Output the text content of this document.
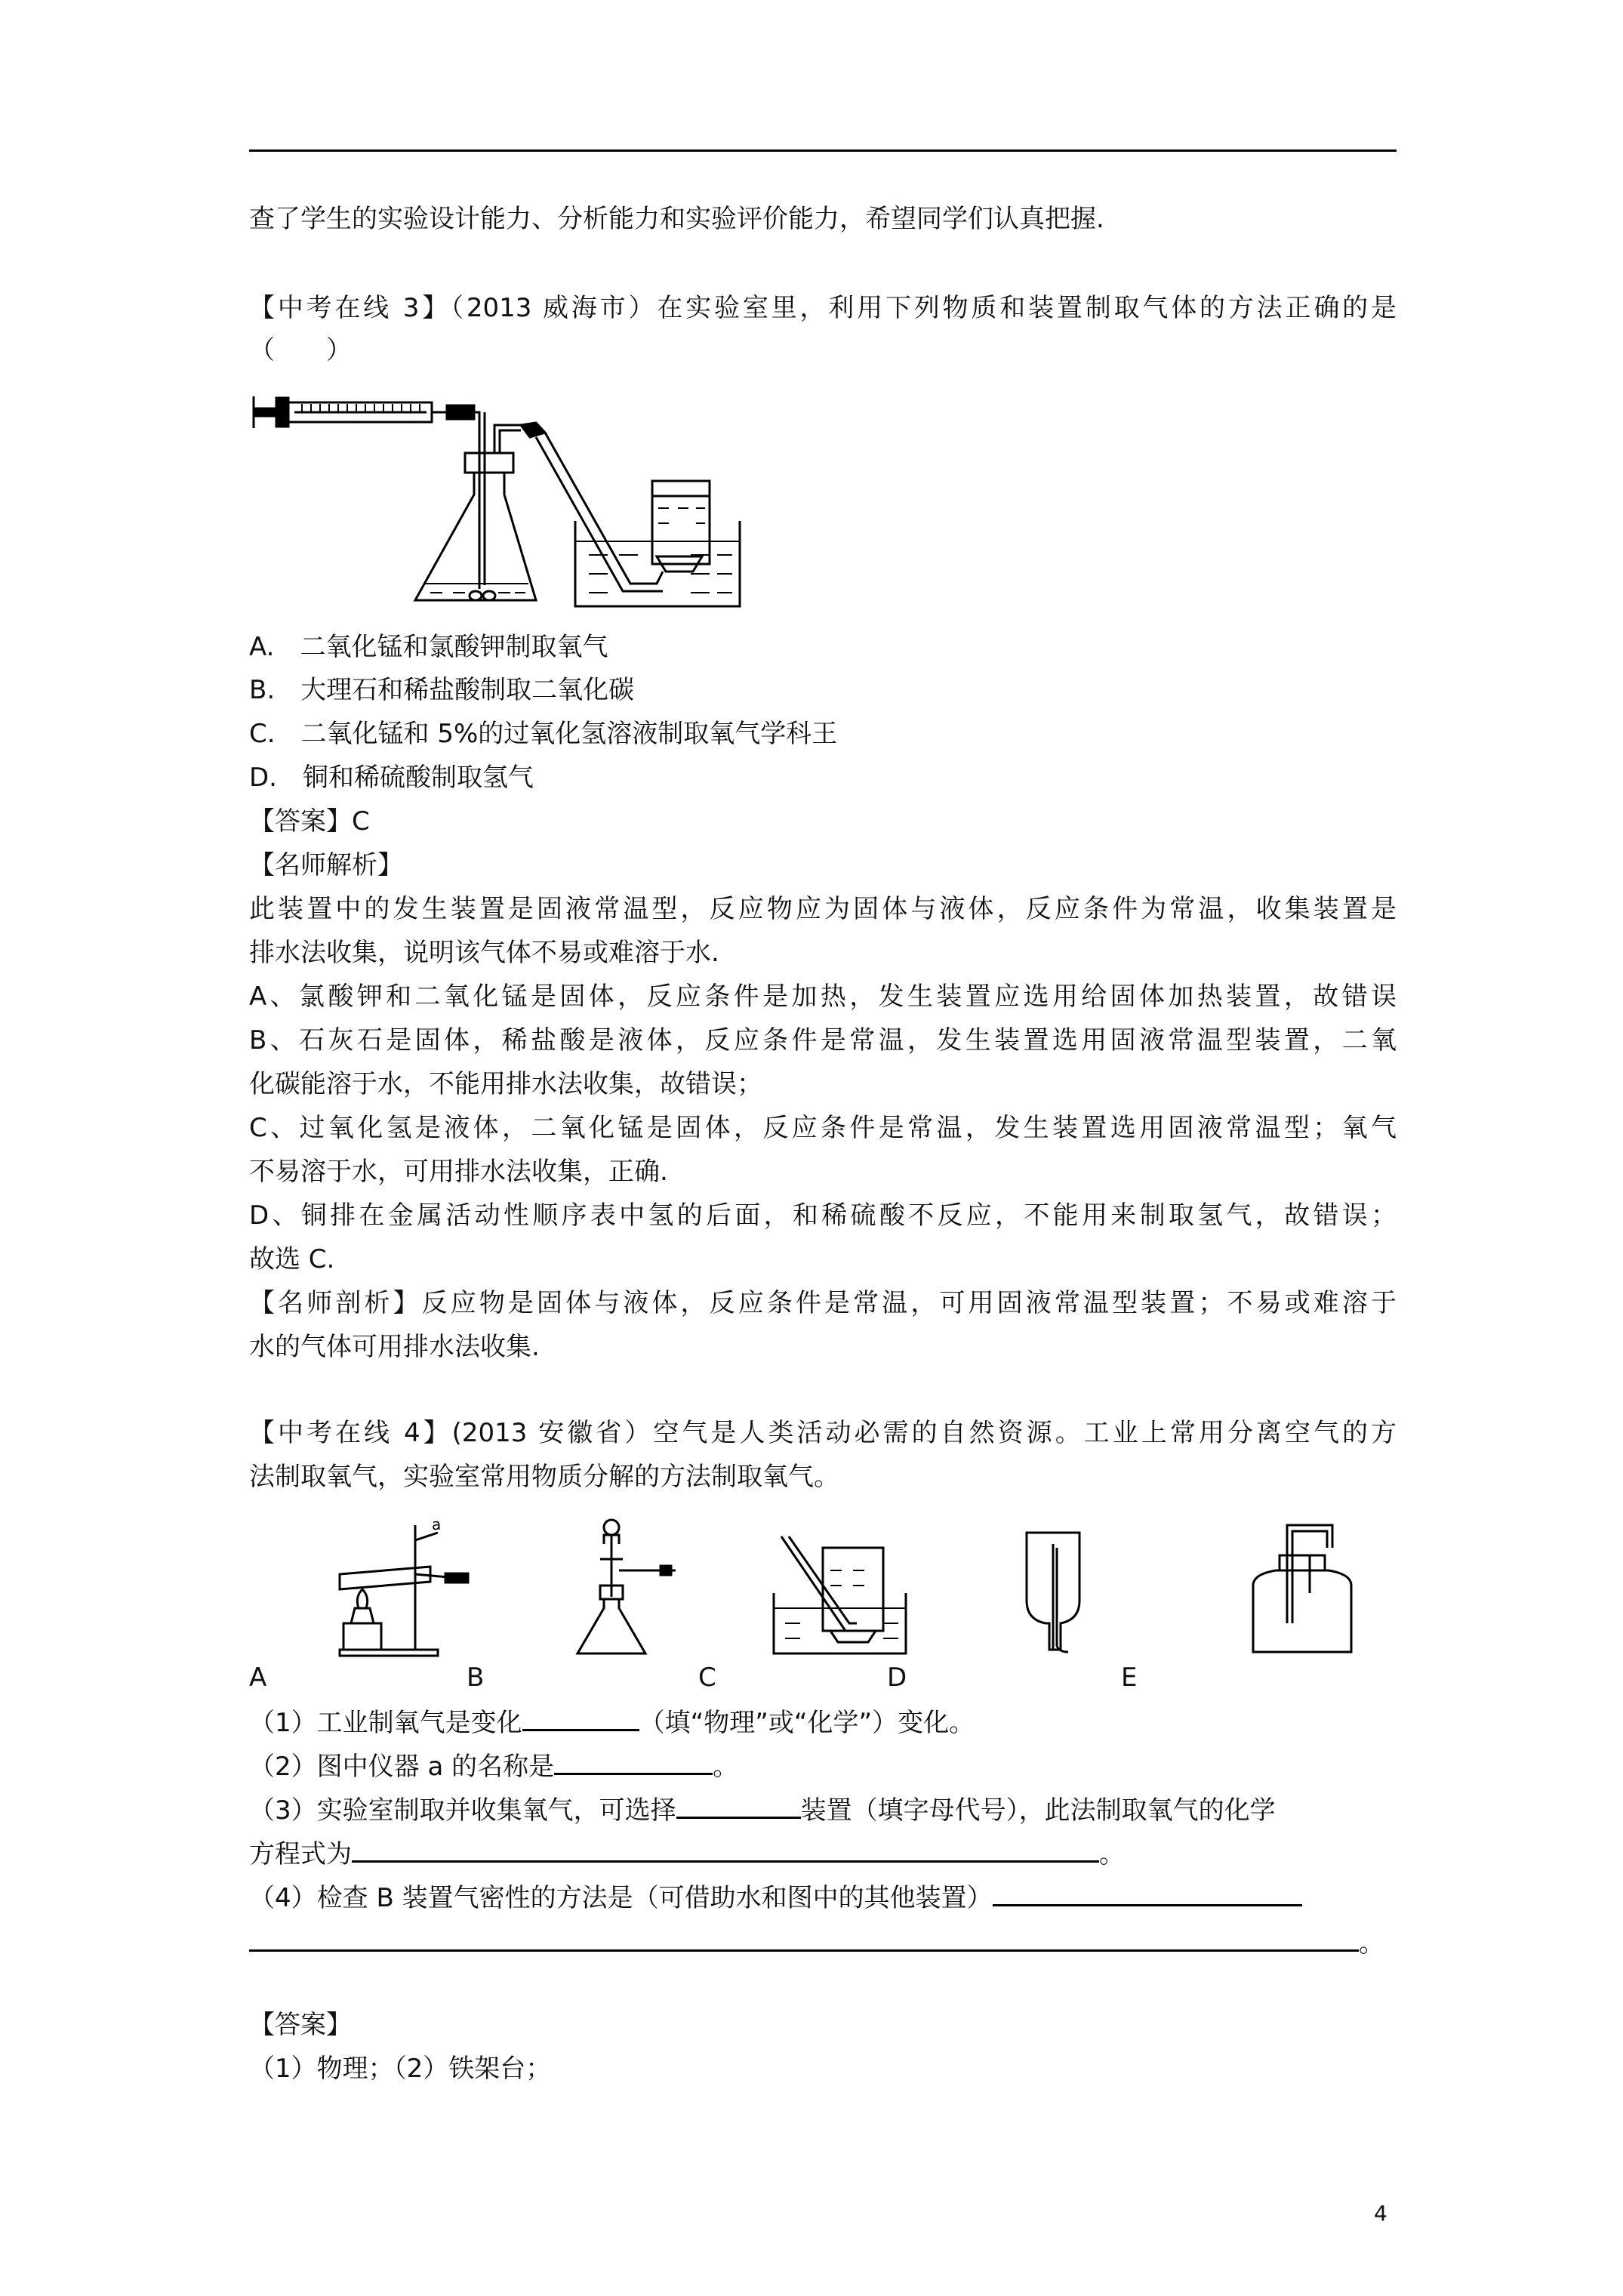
查了学生的实验设计能力、分析能力和实验评价能力，希望同学们认真把握.
【中考在线 3】（2013 威海市）在实验室里，利用下列物质和装置制取气体的方法正确的是
（　　）
A.　二氧化锰和氯酸钾制取氧气
B.　大理石和稀盐酸制取二氧化碳
C.　二氧化锰和 5%的过氧化氢溶液制取氧气学科王
D.　铜和稀硫酸制取氢气
【答案】C
【名师解析】
此装置中的发生装置是固液常温型，反应物应为固体与液体，反应条件为常温，收集装置是
排水法收集，说明该气体不易或难溶于水.
A、氯酸钾和二氧化锰是固体，反应条件是加热，发生装置应选用给固体加热装置，故错误
B、石灰石是固体，稀盐酸是液体，反应条件是常温，发生装置选用固液常温型装置，二氧
化碳能溶于水，不能用排水法收集，故错误；
C、过氧化氢是液体，二氧化锰是固体，反应条件是常温，发生装置选用固液常温型；氧气
不易溶于水，可用排水法收集，正确.
D、铜排在金属活动性顺序表中氢的后面，和稀硫酸不反应，不能用来制取氢气，故错误；
故选 C.
【名师剖析】反应物是固体与液体，反应条件是常温，可用固液常温型装置；不易或难溶于
水的气体可用排水法收集.
【中考在线 4】(2013 安徽省）空气是人类活动必需的自然资源。工业上常用分离空气的方
法制取氧气，实验室常用物质分解的方法制取氧气。
a
A	B	C	D	E
（1）工业制氧气是变化	（填“物理”或“化学”）变化。
（2）图中仪器 a 的名称是	。
（3）实验室制取并收集氧气，可选择	装置（填字母代号），此法制取氧气的化学
方程式为	。
（4）检查 B 装置气密性的方法是（可借助水和图中的其他装置）
。
【答案】
（1）物理；（2）铁架台；
4
